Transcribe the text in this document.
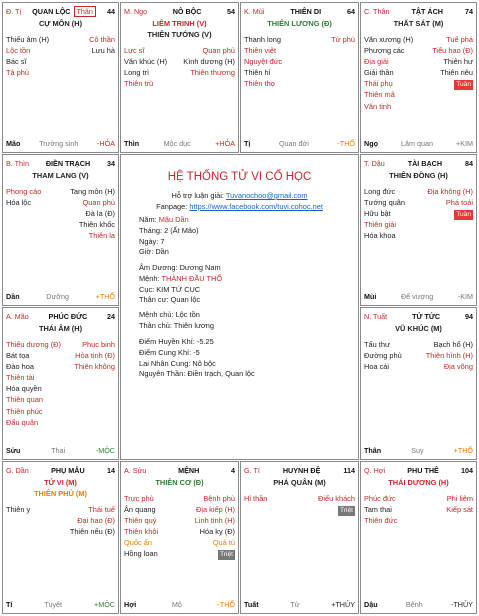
Đ. Tị QUAN LỘC Thân	44
CỰ MÔN (H)
Thiếu âm (H)
Lộc tồn
Bác sĩ
Tả phù
Cô thần
Lưu hà
Mão	Trường sinh	-HỎA
M. Ngọ	NÔ BỘC	54
LIÊM TRINH (V)
THIÊN TƯỚNG (V)
Lực sĩ
Văn khúc (H)
Long trì
Thiên trù
Quan phủ
Kình dương (H)
Thiên thương
Thìn	Mộc dục	+HỎA
K. Mùi	THIÊN DI	64
THIÊN LƯƠNG (Đ)
Thanh long
Thiên việt
Nguyệt đức
Thiên hỉ
Thiên thọ
Tử phù
Tị	Quan đới	-THỔ
C. Thân	TẬT ÁCH	74
THẤT SÁT (M)
Văn xương (H)
Phượng các
Địa giải
Giải thần
Thái phụ
Thiên mã
Văn tinh
Tuế phá
Tiểu hao (Đ)
Thiên hư
Thiên riêu
Tuần
Ngọ	Lâm quan	+KIM
B. Thìn ĐIỀN TRẠCH 34
THAM LANG (V)
Phong cáo
Hóa lộc
Tang môn (H)
Quan phù
Đà la (Đ)
Thiên khốc
Thiên la
Dần	Dưỡng	+THỔ
T. Dậu	TÀI BẠCH	84
THIÊN ĐỒNG (H)
Long đức
Tướng quân
Hữu bật
Thiên giải
Hóa khoa
Địa không (H)
Phá toái
Tuần
Mùi	Đế vượng	-KIM
A. Mão	PHÚC ĐỨC	24
THÁI ÂM (H)
Thiếu dương (Đ)
Bát tọa
Đào hoa
Thiên tài
Hóa quyền
Thiên quan
Thiên phúc
Đẩu quân
Phục binh
Hỏa tinh (Đ)
Thiên không
Sửu	Thai	-MỘC
N. Tuất	TỬ TỨC	94
VŨ KHÚC (M)
Tấu thư
Đường phù
Hoa cái
Bạch hổ (H)
Thiên hình (H)
Địa võng
Thân	Suy	+THỔ
G. Dần	PHỤ MẪU	14
TỬ VI (M)
THIÊN PHỦ (M)
Thiên y	Thái tuế
Đại hao (Đ)
Thiên nếu (Đ)
Tí	Tuyệt	+MỘC
A. Sửu	MỆNH	4
THIÊN CƠ (Đ)
Trực phù
Ân quang
Thiên quý
Thiên khôi
Quốc ấn
Hồng loan
Bệnh phù
Địa kiếp (H)
Linh tinh (H)
Hóa kỵ (Đ)
Quả tú
Triệt
Hợi	Mộ	-THỔ
G. Tí	HUYNH ĐỆ	114
PHÁ QUÂN (M)
Hỉ thần	Điếu khách
Triệt
Tuất	Tử	+THỦY
Q. Hợi	PHU THÊ	104
THÁI DƯƠNG (H)
Phúc đức
Tam thai
Thiên đức
Phi liêm
Kiếp sát
Dậu	Bệnh	-THỦY
HỆ THỐNG TỬ VI CỔ HỌC
Hỗ trợ luận giải: Tuvanochoo@gmail.com
Fanpage: https://www.facebook.com/tuvi.cohoc.net
Năm: Mậu Dần
Tháng: 2 (Ất Mão)
Ngày: 7
Giờ: Dần
Âm Dương: Dương Nam
Mệnh: THÀNH ĐẦU THỔ
Cục: KIM TỨ CỤC
Thân cư: Quan lộc
Mệnh chủ: Lộc tồn
Thân chủ: Thiên lương
Điểm Huyền Khí: -5.25
Điểm Cung Khí: -5
Lai Nhân Cung: Nô bộc
Nguyên Thần: Điền trạch, Quan lộc
